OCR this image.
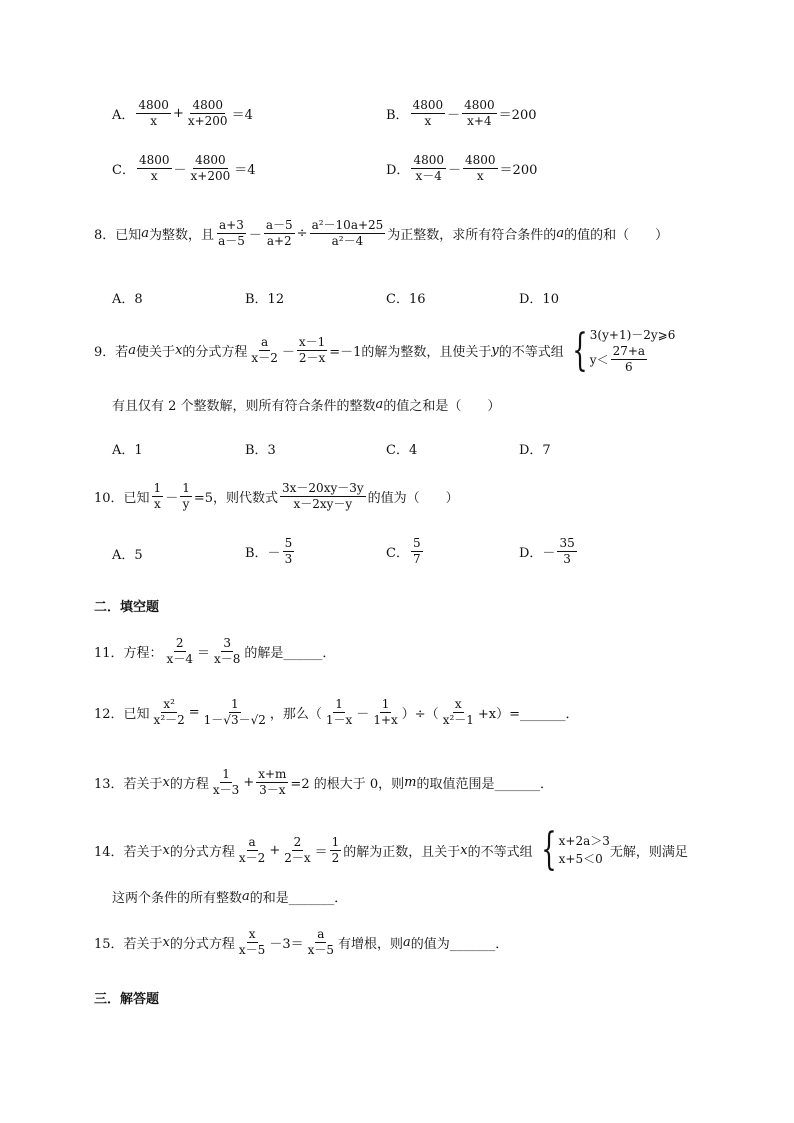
A． $\frac{4800}{x} + \frac{4800}{x+200} =4$	B． $\frac{4800}{x} - \frac{4800}{x+4} =200$
C． $\frac{4800}{x} - \frac{4800}{x+200} =4$	D． $\frac{4800}{x-4} - \frac{4800}{x} =200$
8．已知 a 为整数，且 $\frac{a+3}{a-5} - \frac{a-5}{a+2} \div \frac{\text{a²－10a+25}}{\text{a²－4}}$ 为正整数，求所有符合条件的 a 的值的和（　　）
A．8	B．12	C．16	D．10
9．若 a 使关于 x 的分式方程 $\frac{a}{x-2} - \frac{x-1}{2-x} =-1$的解为整数，且使关于 y 的不等式组 { 3(y+1)－2y⩾6
$y< \frac{27+a}{6}$
有且仅有 2 个整数解，则所有符合条件的整数 a 的值之和是（　　）
A．1	B．3	C．4	D．7
10．已知 $\frac{1}{x} - \frac{1}{y} =5$，则代数式 $\frac{3x-20xy-3y}{x-2xy-y}$ 的值为（　　）
A．5	B．－ $\frac{5}{3}$	C． $\frac{5}{7}$	D．－ $\frac{35}{3}$
二．填空题
11．方程： $\frac{2}{x-4} = \frac{3}{x-8}$ 的解是______．
12．已知 $\frac{\text{x²}}{\text{x²－2}} = \frac{1}{1-√3-√2}$ ，那么（ $\frac{1}{1-x} - \frac{1}{1+x}$ ）÷（ $\frac{x}{\text{x²－1}}$ +x）=_______．
13．若关于 x 的方程 $\frac{1}{x-3} + \frac{x+m}{3-x} =2$ 的根大于 0，则 m 的取值范围是_______．
14．若关于 x 的分式方程 $\frac{a}{x-2} + \frac{2}{2-x} = \frac{1}{2}$ 的解为正数，且关于 x 的不等式组 { x+2a＞3
x+5＜0 无解，则满足
这两个条件的所有整数 a 的和是_______．
15．若关于 x 的分式方程 $\frac{x}{x-5} -3= \frac{a}{x-5}$ 有增根，则 a 的值为_______．
三．解答题
